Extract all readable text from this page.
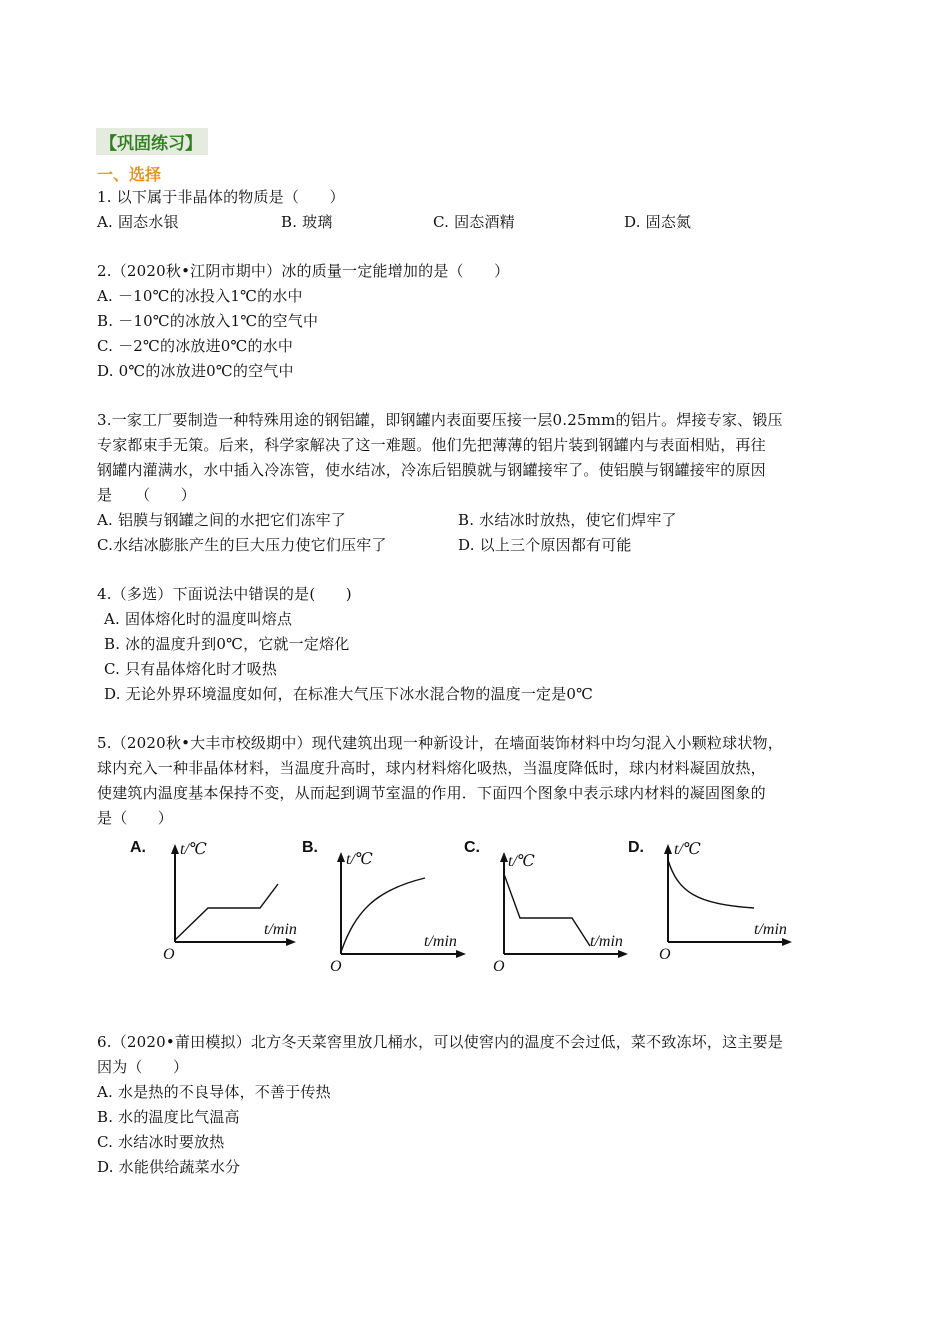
【巩固练习】
一、选择
1. 以下属于非晶体的物质是（　　）
A. 固态水银	B. 玻璃	C. 固态酒精	D. 固态氮
2.（2020秋•江阴市期中）冰的质量一定能增加的是（　　）
A. －10℃的冰投入1℃的水中
B. －10℃的冰放入1℃的空气中
C. －2℃的冰放进0℃的水中
D. 0℃的冰放进0℃的空气中
3.一家工厂要制造一种特殊用途的钢铝罐，即钢罐内表面要压接一层0.25mm的铝片。焊接专家、锻压
专家都束手无策。后来，科学家解决了这一难题。他们先把薄薄的铝片装到钢罐内与表面相贴，再往
钢罐内灌满水，水中插入冷冻管，使水结冰，冷冻后铝膜就与钢罐接牢了。使铝膜与钢罐接牢的原因
是　　（　　）
A. 铝膜与钢罐之间的水把它们冻牢了	B. 水结冰时放热，使它们焊牢了
C.水结冰膨胀产生的巨大压力使它们压牢了	D. 以上三个原因都有可能
4.（多选）下面说法中错误的是(　　)
A. 固体熔化时的温度叫熔点
B. 冰的温度升到0℃，它就一定熔化
C. 只有晶体熔化时才吸热
D. 无论外界环境温度如何，在标准大气压下冰水混合物的温度一定是0℃
5.（2020秋•大丰市校级期中）现代建筑出现一种新设计，在墙面装饰材料中均匀混入小颗粒球状物，
球内充入一种非晶体材料，当温度升高时，球内材料熔化吸热，当温度降低时，球内材料凝固放热，
使建筑内温度基本保持不变，从而起到调节室温的作用．下面四个图象中表示球内材料的凝固图象的
是（　　）
A. t/℃
t/min
O
B.
t/℃
t/min
O
C.
t/℃
t/min
O
D. t/℃
t/min
O
6.（2020•莆田模拟）北方冬天菜窖里放几桶水，可以使窖内的温度不会过低，菜不致冻坏，这主要是
因为（　　）
A. 水是热的不良导体，不善于传热
B. 水的温度比气温高
C. 水结冰时要放热
D. 水能供给蔬菜水分
